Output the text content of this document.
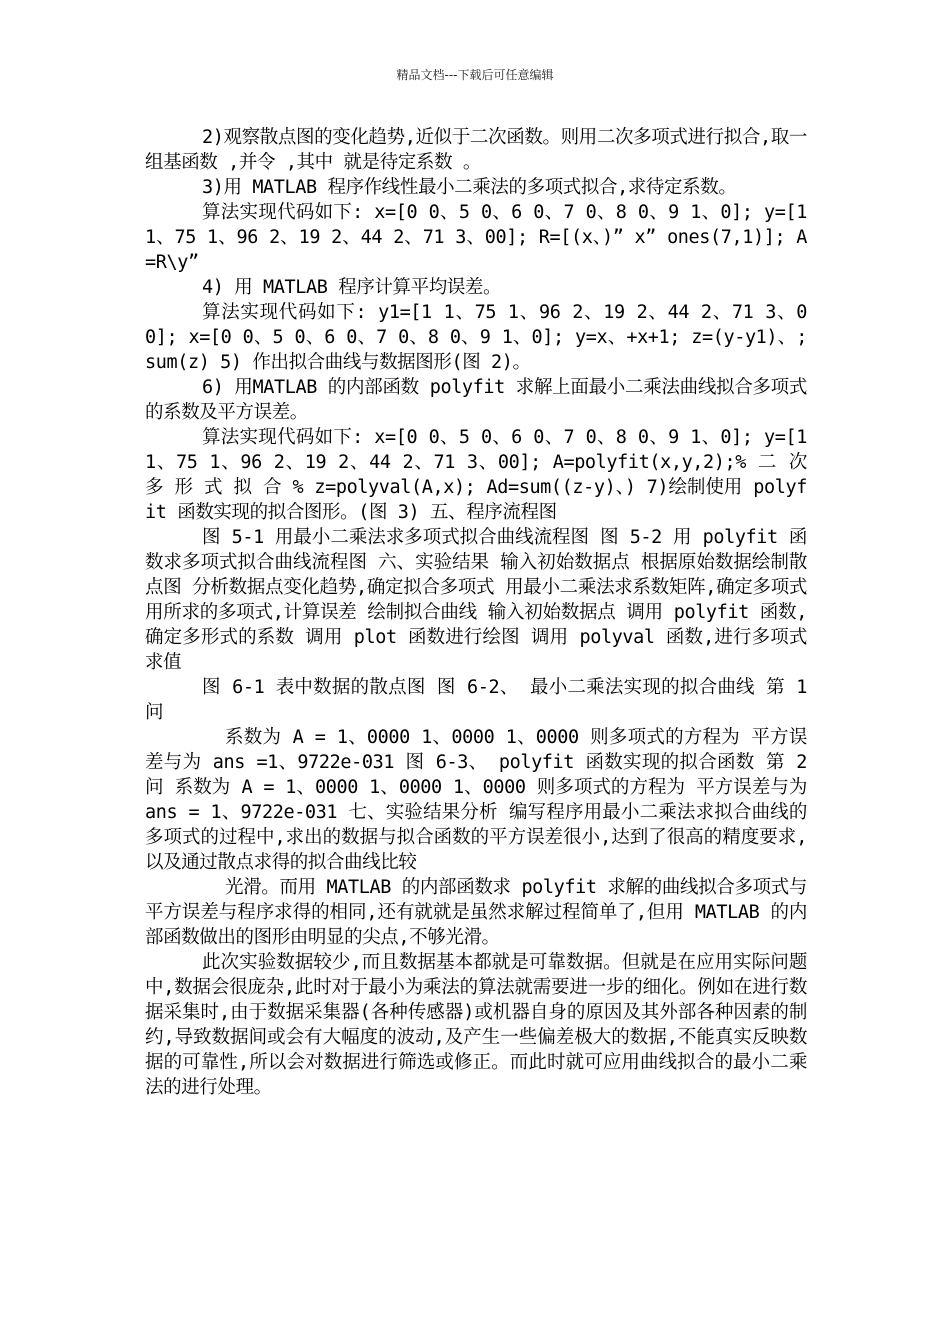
精品文档---下载后可任意编辑

2)观察散点图的变化趋势,近似于二次函数。则用二次多项式进行拟合,取一组基函数 ,并令 ,其中 就是待定系数 。

3)用 MATLAB 程序作线性最小二乘法的多项式拟合,求待定系数。

算法实现代码如下: x=[0 0、5 0、6 0、7 0、8 0、9 1、0]; y=[1 1、75 1、96 2、19 2、44 2、71 3、00]; R=[(x、)” x” ones(7,1)]; A=R\y”

4) 用 MATLAB 程序计算平均误差。

算法实现代码如下: y1=[1 1、75 1、96 2、19 2、44 2、71 3、00]; x=[0 0、5 0、6 0、7 0、8 0、9 1、0]; y=x、+x+1; z=(y-y1)、; sum(z) 5) 作出拟合曲线与数据图形(图 2)。

6) 用MATLAB 的内部函数 polyfit 求解上面最小二乘法曲线拟合多项式的系数及平方误差。

算法实现代码如下: x=[0 0、5 0、6 0、7 0、8 0、9 1、0]; y=[1 1、75 1、96 2、19 2、44 2、71 3、00]; A=polyfit(x,y,2);% 二 次 多 形 式 拟 合 % z=polyval(A,x); Ad=sum((z-y)、) 7)绘制使用 polyfit 函数实现的拟合图形。(图 3) 五、程序流程图

图 5-1 用最小二乘法求多项式拟合曲线流程图 图 5-2 用 polyfit 函数求多项式拟合曲线流程图 六、实验结果 输入初始数据点 根据原始数据绘制散点图 分析数据点变化趋势,确定拟合多项式 用最小二乘法求系数矩阵,确定多项式 用所求的多项式,计算误差 绘制拟合曲线 输入初始数据点 调用 polyfit 函数,确定多形式的系数 调用 plot 函数进行绘图 调用 polyval 函数,进行多项式求值

图 6-1 表中数据的散点图 图 6-2、 最小二乘法实现的拟合曲线 第 1 问

系数为 A = 1、0000 1、0000 1、0000 则多项式的方程为 平方误差与为 ans =1、9722e-031 图 6-3、 polyfit 函数实现的拟合函数 第 2 问 系数为 A = 1、0000 1、0000 1、0000 则多项式的方程为 平方误差与为 ans = 1、9722e-031 七、实验结果分析 编写程序用最小二乘法求拟合曲线的多项式的过程中,求出的数据与拟合函数的平方误差很小,达到了很高的精度要求,以及通过散点求得的拟合曲线比较

光滑。而用 MATLAB 的内部函数求 polyfit 求解的曲线拟合多项式与平方误差与程序求得的相同,还有就就是虽然求解过程简单了,但用 MATLAB 的内部函数做出的图形由明显的尖点,不够光滑。

此次实验数据较少,而且数据基本都就是可靠数据。但就是在应用实际问题中,数据会很庞杂,此时对于最小为乘法的算法就需要进一步的细化。例如在进行数据采集时,由于数据采集器(各种传感器)或机器自身的原因及其外部各种因素的制约,导致数据间或会有大幅度的波动,及产生一些偏差极大的数据,不能真实反映数据的可靠性,所以会对数据进行筛选或修正。而此时就可应用曲线拟合的最小二乘法的进行处理。
